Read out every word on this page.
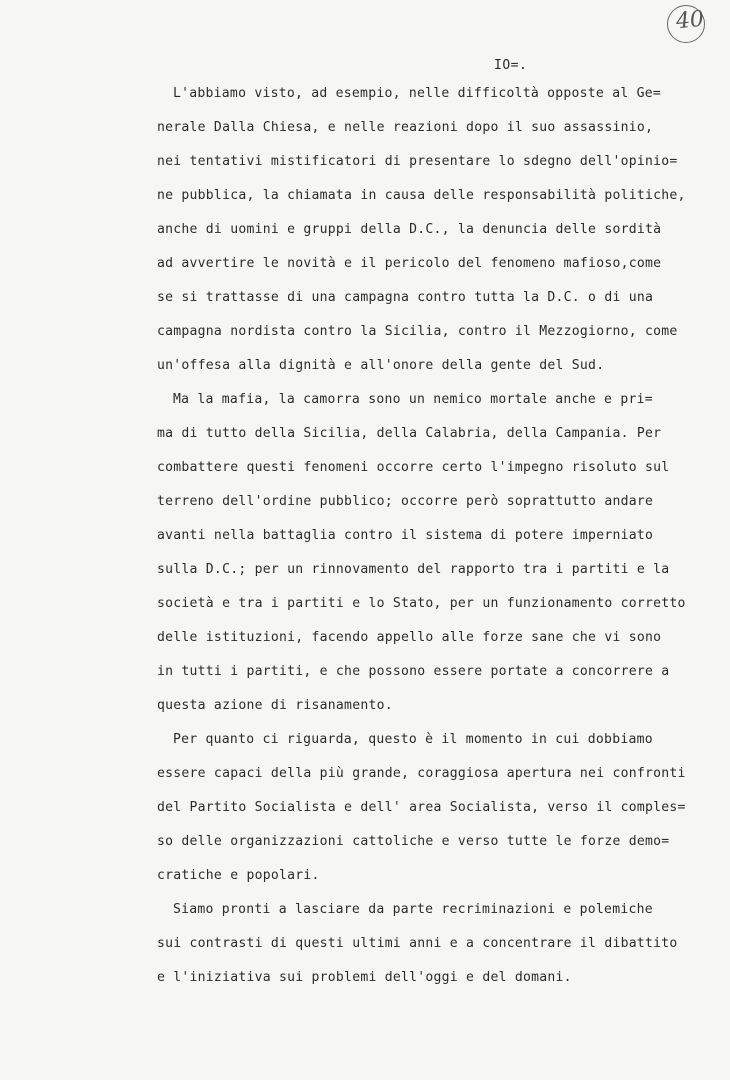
40
IO=.
L'abbiamo visto, ad esempio, nelle difficoltà opposte al Ge=
nerale Dalla Chiesa, e nelle reazioni dopo il suo assassinio,
nei tentativi mistificatori di presentare lo sdegno dell'opinio=
ne pubblica, la chiamata in causa delle responsabilità politiche,
anche di uomini e gruppi della D.C., la denuncia delle sordità
ad avvertire le novità e il pericolo del fenomeno mafioso,come
se si trattasse di una campagna contro tutta la D.C. o di una
campagna nordista contro la Sicilia, contro il Mezzogiorno, come
un'offesa alla dignità e all'onore della gente del Sud.
Ma la mafia, la camorra sono un nemico mortale anche e pri=
ma di tutto della Sicilia, della Calabria, della Campania. Per
combattere questi fenomeni occorre certo l'impegno risoluto sul
terreno dell'ordine pubblico; occorre però soprattutto andare
avanti nella battaglia contro il sistema di potere imperniato
sulla D.C.; per un rinnovamento del rapporto tra i partiti e la
società e tra i partiti e lo Stato, per un funzionamento corretto
delle istituzioni, facendo appello alle forze sane che vi sono
in tutti i partiti, e che possono essere portate a concorrere a
questa azione di risanamento.
Per quanto ci riguarda, questo è il momento in cui dobbiamo
essere capaci della più grande, coraggiosa apertura nei confronti
del Partito Socialista e dell' area Socialista, verso il comples=
so delle organizzazioni cattoliche e verso tutte le forze demo=
cratiche e popolari.
Siamo pronti a lasciare da parte recriminazioni e polemiche
sui contrasti di questi ultimi anni e a concentrare il dibattito
e l'iniziativa sui problemi dell'oggi e del domani.
